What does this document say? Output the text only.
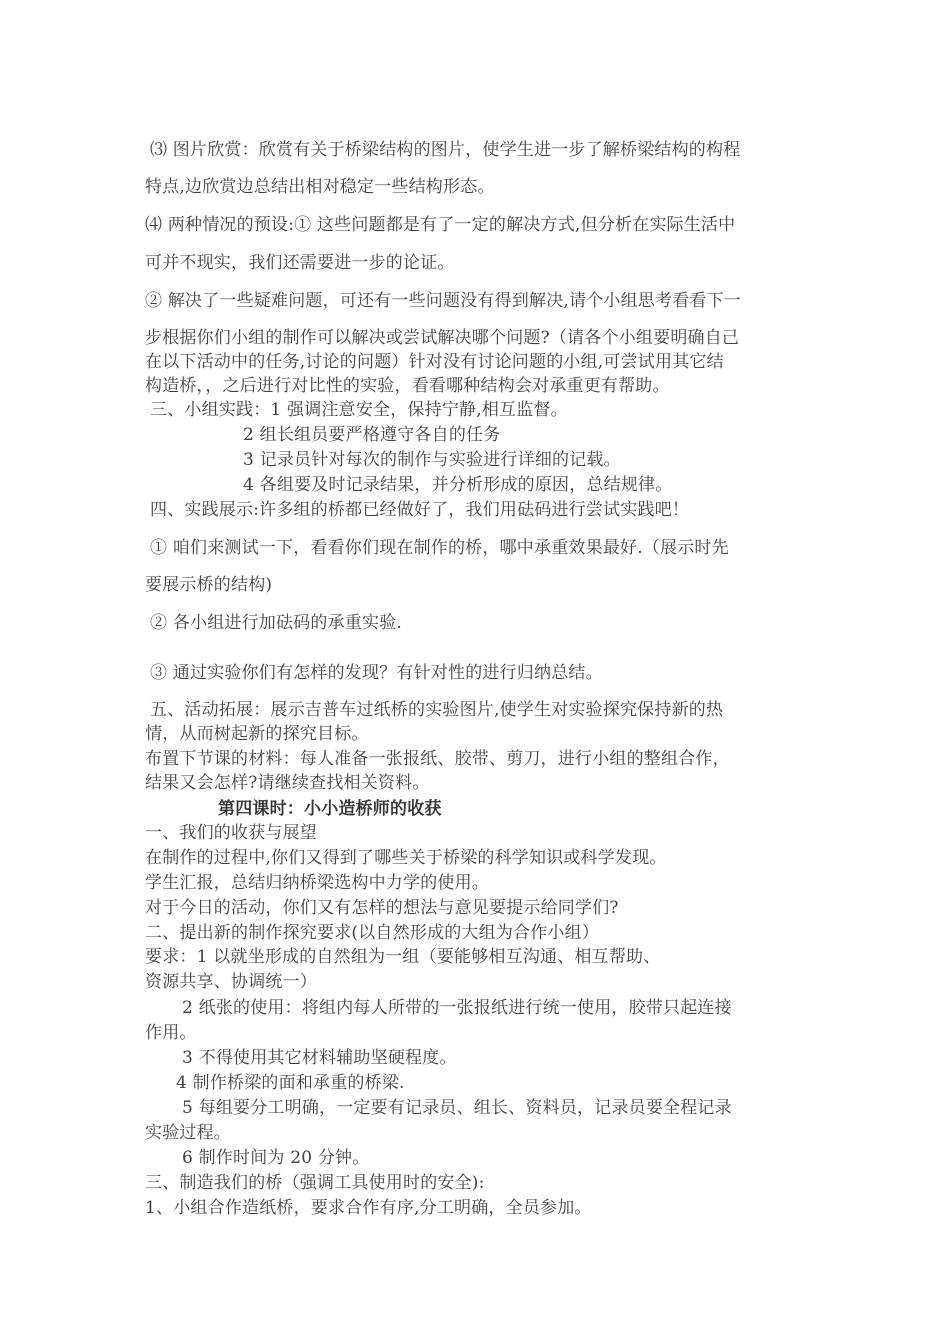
⑶ 图片欣赏：欣赏有关于桥梁结构的图片，使学生进一步了解桥梁结构的构程
特点,边欣赏边总结出相对稳定一些结构形态。
⑷ 两种情况的预设:① 这些问题都是有了一定的解决方式,但分析在实际生活中
可并不现实，我们还需要进一步的论证。
② 解决了一些疑难问题，可还有一些问题没有得到解决,请个小组思考看看下一
步根据你们小组的制作可以解决或尝试解决哪个问题?（请各个小组要明确自己
在以下活动中的任务,讨论的问题）针对没有讨论问题的小组,可尝试用其它结
构造桥，，之后进行对比性的实验，看看哪种结构会对承重更有帮助。
三、小组实践：1 强调注意安全，保持宁静,相互监督。
2 组长组员要严格遵守各自的任务
3 记录员针对每次的制作与实验进行详细的记载。
4 各组要及时记录结果，并分析形成的原因，总结规律。
四、实践展示:许多组的桥都已经做好了，我们用砝码进行尝试实践吧！
① 咱们来测试一下，看看你们现在制作的桥，哪中承重效果最好.（展示时先
要展示桥的结构)
② 各小组进行加砝码的承重实验.
③ 通过实验你们有怎样的发现？有针对性的进行归纳总结。
五、活动拓展：展示吉普车过纸桥的实验图片,使学生对实验探究保持新的热
情，从而树起新的探究目标。
布置下节课的材料：每人准备一张报纸、胶带、剪刀，进行小组的整组合作，
结果又会怎样?请继续查找相关资料。
第四课时：小小造桥师的收获
一、我们的收获与展望
在制作的过程中,你们又得到了哪些关于桥梁的科学知识或科学发现。
学生汇报，总结归纳桥梁选构中力学的使用。
对于今日的活动，你们又有怎样的想法与意见要提示给同学们?
二、提出新的制作探究要求(以自然形成的大组为合作小组）
要求：1 以就坐形成的自然组为一组（要能够相互沟通、相互帮助、
资源共享、协调统一）
2 纸张的使用：将组内每人所带的一张报纸进行统一使用，胶带只起连接
作用。
3 不得使用其它材料辅助坚硬程度。
4 制作桥梁的面和承重的桥梁.
5 每组要分工明确，一定要有记录员、组长、资料员，记录员要全程记录
实验过程。
6 制作时间为 20 分钟。
三、制造我们的桥（强调工具使用时的安全):
1、小组合作造纸桥，要求合作有序,分工明确，全员参加。
